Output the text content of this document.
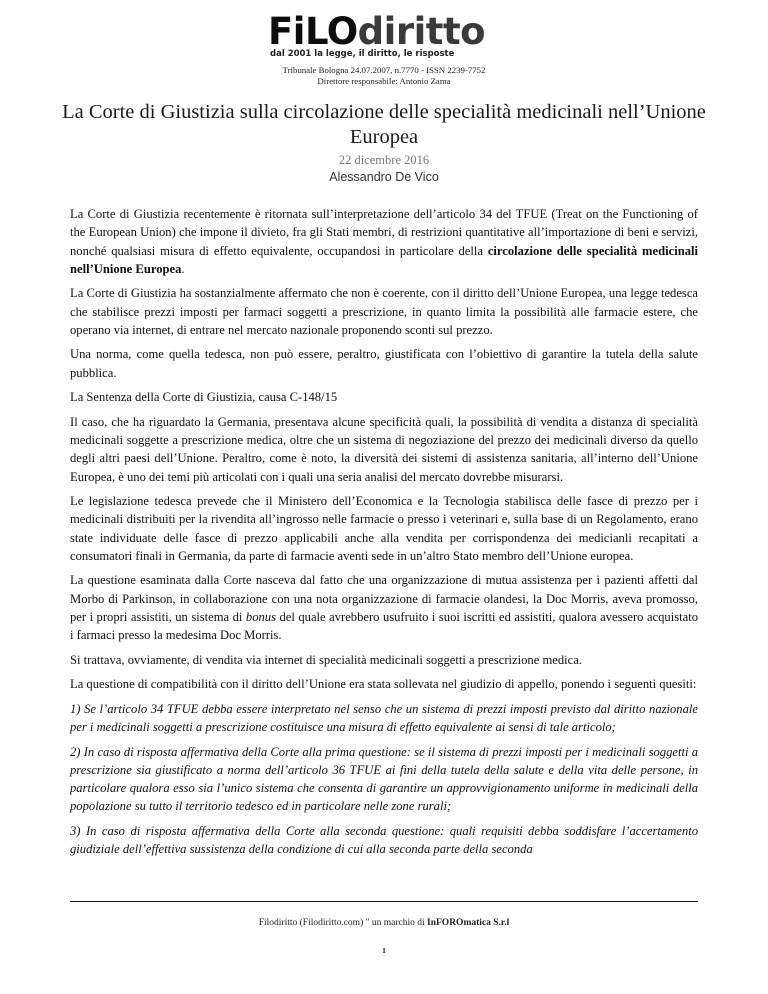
FiLOdiritto
dal 2001 la legge, il diritto, le risposte
Tribunale Bologna 24.07.2007, n.7770 - ISSN 2239-7752
Direttore responsabile: Antonio Zama
La Corte di Giustizia sulla circolazione delle specialità medicinali nell’Unione Europea
22 dicembre 2016
Alessandro De Vico

La Corte di Giustizia recentemente è ritornata sull’interpretazione dell’articolo 34 del TFUE (Treat on the Functioning of the European Union) che impone il divieto, fra gli Stati membri, di restrizioni quantitative all’importazione di beni e servizi, nonché qualsiasi misura di effetto equivalente, occupandosi in particolare della circolazione delle specialità medicinali nell’Unione Europea.

La Corte di Giustizia ha sostanzialmente affermato che non è coerente, con il diritto dell’Unione Europea, una legge tedesca che stabilisce prezzi imposti per farmaci soggetti a prescrizione, in quanto limita la possibilità alle farmacie estere, che operano via internet, di entrare nel mercato nazionale proponendo sconti sul prezzo.

Una norma, come quella tedesca, non può essere, peraltro, giustificata con l’obiettivo di garantire la tutela della salute pubblica.

La Sentenza della Corte di Giustizia, causa C-148/15

Il caso, che ha riguardato la Germania, presentava alcune specificità quali, la possibilità di vendita a distanza di specialità medicinali soggette a prescrizione medica, oltre che un sistema di negoziazione del prezzo dei medicinali diverso da quello degli altri paesi dell’Unione. Peraltro, come è noto, la diversità dei sistemi di assistenza sanitaria, all’interno dell’Unione Europea, è uno dei temi più articolati con i quali una seria analisi del mercato dovrebbe misurarsi.

Le legislazione tedesca prevede che il Ministero dell’Economica e la Tecnologia stabilisca delle fasce di prezzo per i medicinali distribuiti per la rivendita all’ingrosso nelle farmacie o presso i veterinari e, sulla base di un Regolamento, erano state individuate delle fasce di prezzo applicabili anche alla vendita per corrispondenza dei medicianli recapitati a consumatori finali in Germania, da parte di farmacie aventi sede in un’altro Stato membro dell’Unione europea.

La questione esaminata dalla Corte nasceva dal fatto che una organizzazione di mutua assistenza per i pazienti affetti dal Morbo di Parkinson, in collaborazione con una nota organizzazione di farmacie olandesi, la Doc Morris, aveva promosso, per i propri assistiti, un sistema di bonus del quale avrebbero usufruito i suoi iscritti ed assistiti, qualora avessero acquistato i farmaci presso la medesima Doc Morris.

Si trattava, ovviamente, di vendita via internet di specialità medicinali soggetti a prescrizione medica.

La questione di compatibilità con il diritto dell’Unione era stata sollevata nel giudizio di appello, ponendo i seguenti quesiti:

1) Se l’articolo 34 TFUE debba essere interpretato nel senso che un sistema di prezzi imposti previsto dal diritto nazionale per i medicinali soggetti a prescrizione costituisce una misura di effetto equivalente ai sensi di tale articolo;

2) In caso di risposta affermativa della Corte alla prima questione: se il sistema di prezzi imposti per i medicinali soggetti a prescrizione sia giustificato a norma dell’articolo 36 TFUE ai fini della tutela della salute e della vita delle persone, in particolare qualora esso sia l’unico sistema che consenta di garantire un approvvigionamento uniforme in medicinali della popolazione su tutto il territorio tedesco ed in particolare nelle zone rurali;

3) In caso di risposta affermativa della Corte alla seconda questione: quali requisiti debba soddisfare l’accertamento giudiziale dell’effettiva sussistenza della condizione di cui alla seconda parte della seconda

Filodiritto (Filodiritto.com) " un marchio di InFOROmatica S.r.l
1
